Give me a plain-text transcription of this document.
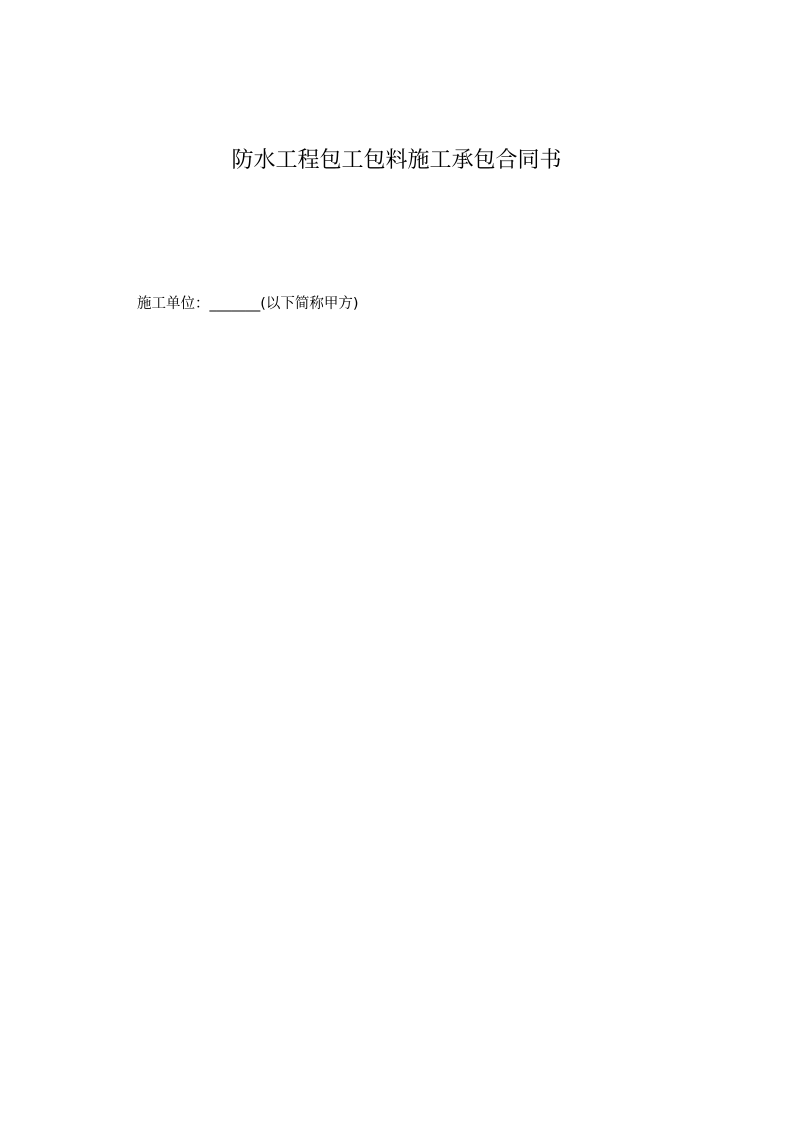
防水工程包工包料施工承包合同书
施工单位：_______(以下简称甲方)
